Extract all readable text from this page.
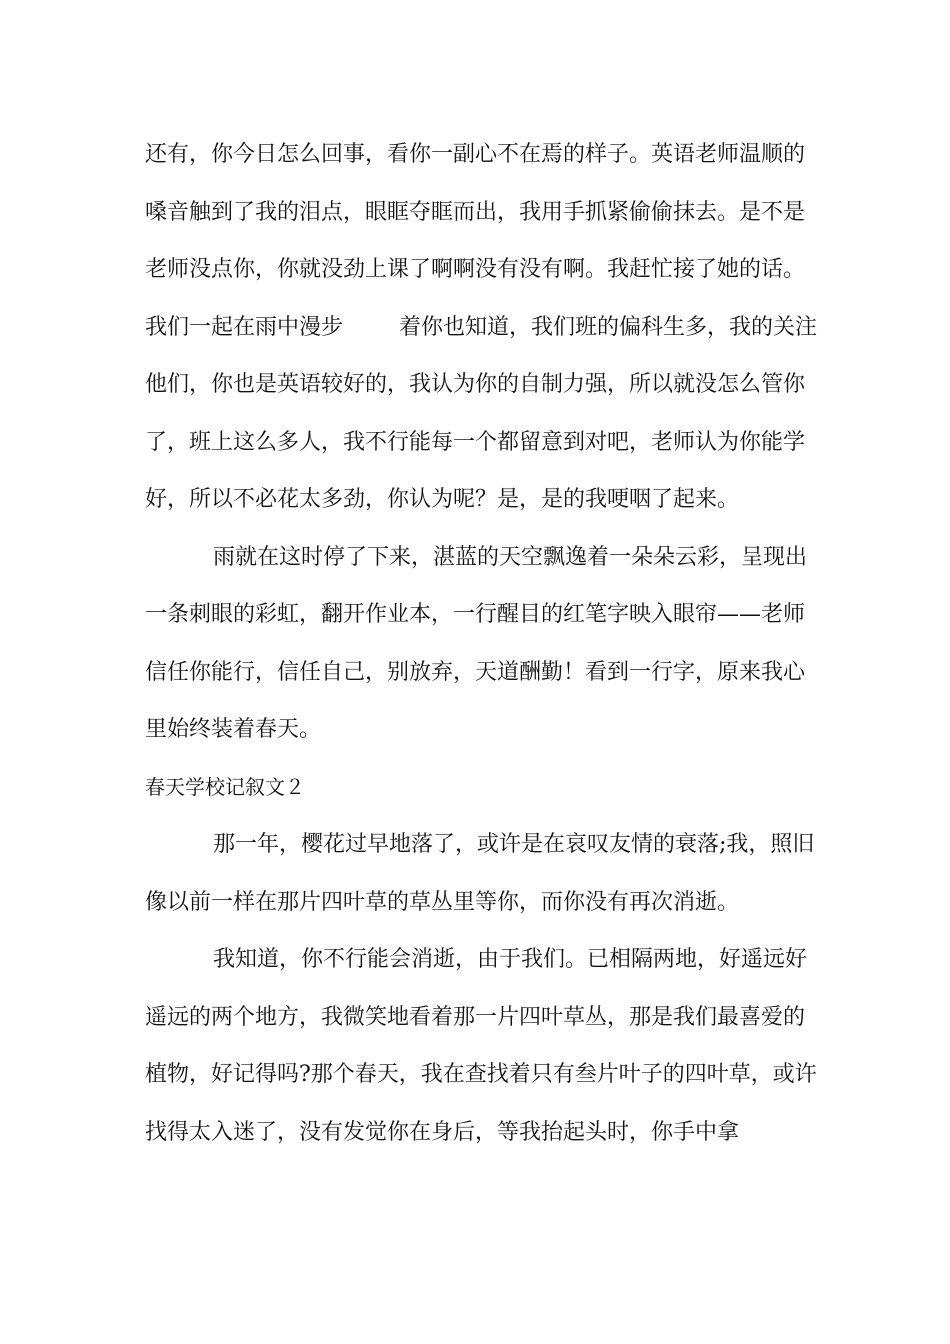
还有，你今日怎么回事，看你一副心不在焉的样子。英语老师温顺的嗓音触到了我的泪点，眼眶夺眶而出，我用手抓紧偷偷抹去。是不是老师没点你，你就没劲上课了啊啊没有没有啊。我赶忙接了她的话。我们一起在雨中漫步        着你也知道，我们班的偏科生多，我的关注他们，你也是英语较好的，我认为你的自制力强，所以就没怎么管你了，班上这么多人，我不行能每一个都留意到对吧，老师认为你能学好，所以不必花太多劲，你认为呢？是，是的我哽咽了起来。

雨就在这时停了下来，湛蓝的天空飘逸着一朵朵云彩，呈现出一条刺眼的彩虹，翻开作业本，一行醒目的红笔字映入眼帘——老师信任你能行，信任自己，别放弃，天道酬勤！看到一行字，原来我心里始终装着春天。

春天学校记叙文２

那一年，樱花过早地落了，或许是在哀叹友情的衰落;我，照旧像以前一样在那片四叶草的草丛里等你，而你没有再次消逝。

我知道，你不行能会消逝，由于我们。已相隔两地，好遥远好遥远的两个地方，我微笑地看着那一片四叶草丛，那是我们最喜爱的植物，好记得吗?那个春天，我在查找着只有叁片叶子的四叶草，或许找得太入迷了，没有发觉你在身后，等我抬起头时，你手中拿
